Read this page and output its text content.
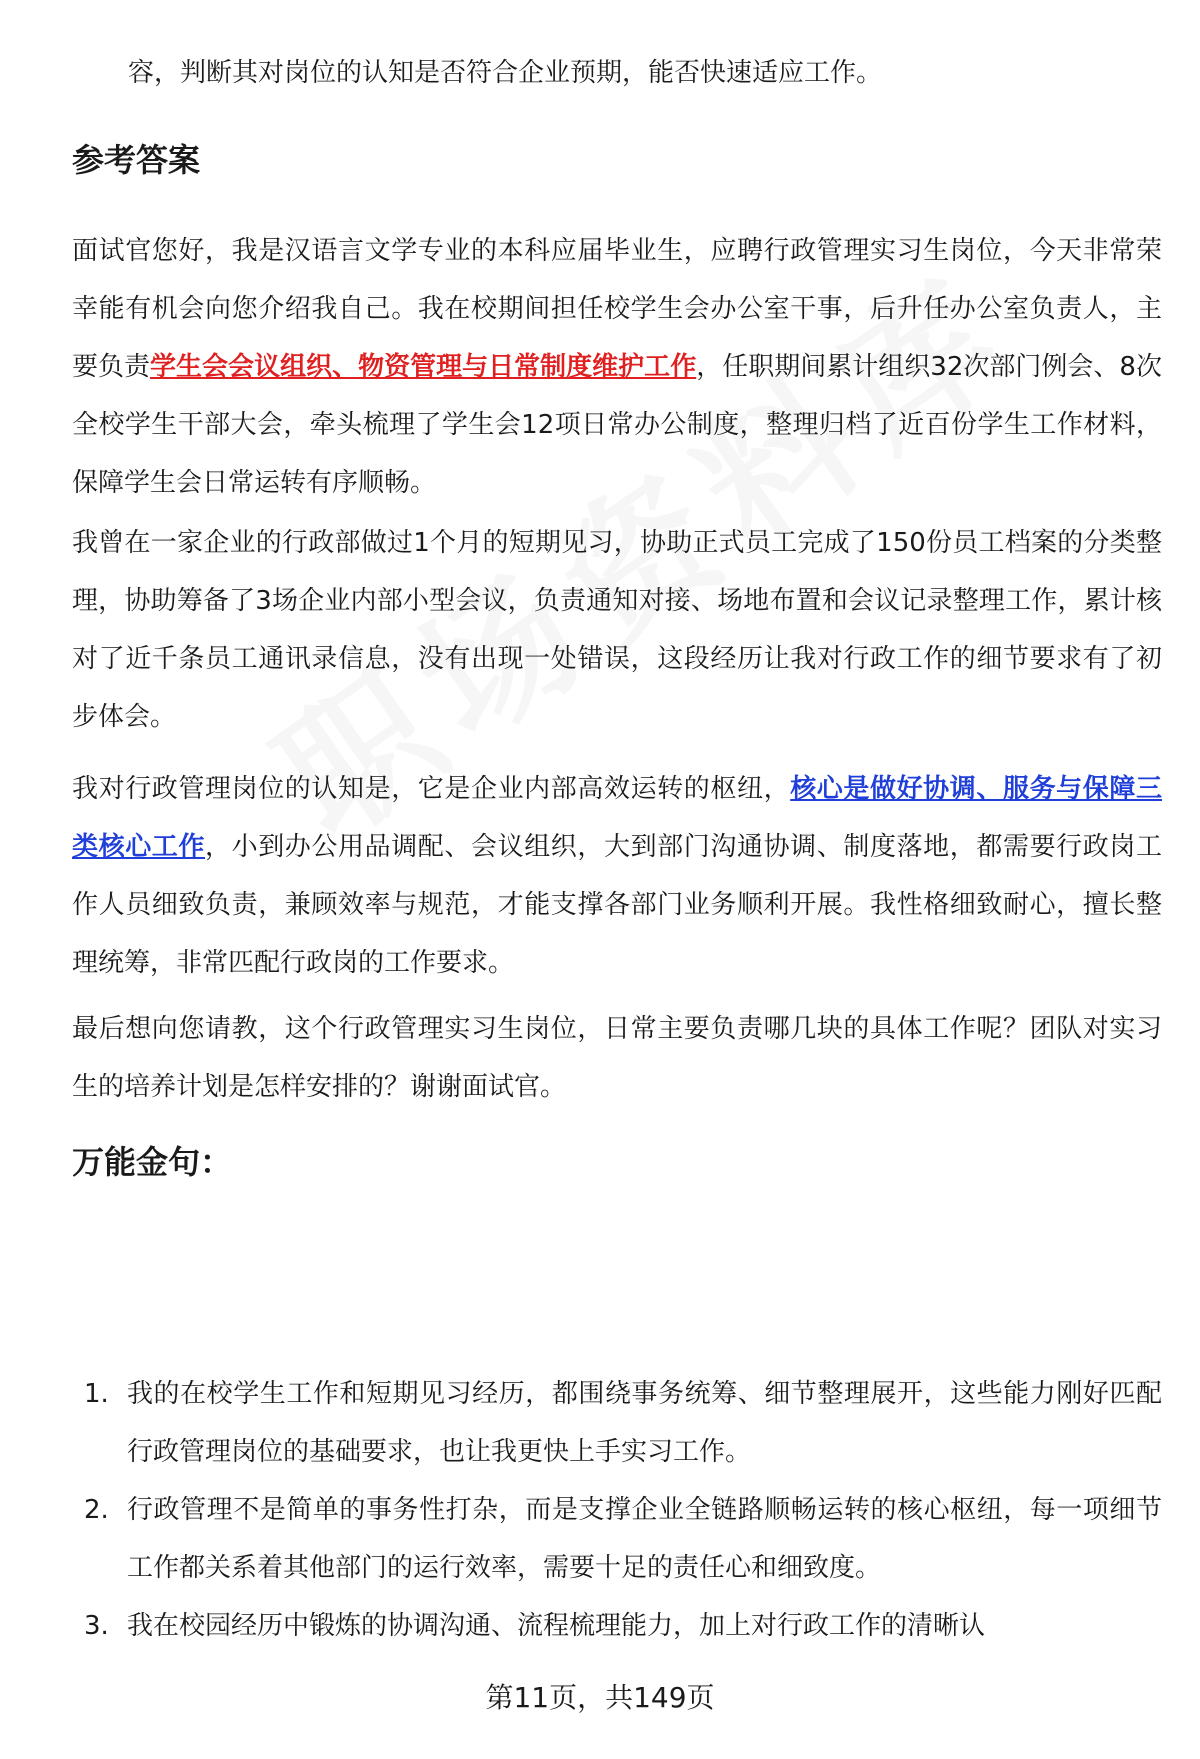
容，判断其对岗位的认知是否符合企业预期，能否快速适应工作。
参考答案
面试官您好，我是汉语言文学专业的本科应届毕业生，应聘行政管理实习生岗位，今天非常荣幸能有机会向您介绍我自己。我在校期间担任校学生会办公室干事，后升任办公室负责人，主要负责学生会会议组织、物资管理与日常制度维护工作，任职期间累计组织32次部门例会、8次全校学生干部大会，牵头梳理了学生会12项日常办公制度，整理归档了近百份学生工作材料，保障学生会日常运转有序顺畅。
我曾在一家企业的行政部做过1个月的短期见习，协助正式员工完成了150份员工档案的分类整理，协助筹备了3场企业内部小型会议，负责通知对接、场地布置和会议记录整理工作，累计核对了近千条员工通讯录信息，没有出现一处错误，这段经历让我对行政工作的细节要求有了初步体会。
我对行政管理岗位的认知是，它是企业内部高效运转的枢纽，核心是做好协调、服务与保障三类核心工作，小到办公用品调配、会议组织，大到部门沟通协调、制度落地，都需要行政岗工作人员细致负责，兼顾效率与规范，才能支撑各部门业务顺利开展。我性格细致耐心，擅长整理统筹，非常匹配行政岗的工作要求。
最后想向您请教，这个行政管理实习生岗位，日常主要负责哪几块的具体工作呢？团队对实习生的培养计划是怎样安排的？谢谢面试官。
万能金句：
1. 我的在校学生工作和短期见习经历，都围绕事务统筹、细节整理展开，这些能力刚好匹配行政管理岗位的基础要求，也让我更快上手实习工作。
2. 行政管理不是简单的事务性打杂，而是支撑企业全链路顺畅运转的核心枢纽，每一项细节工作都关系着其他部门的运行效率，需要十足的责任心和细致度。
3. 我在校园经历中锻炼的协调沟通、流程梳理能力，加上对行政工作的清晰认
第11页，共149页
